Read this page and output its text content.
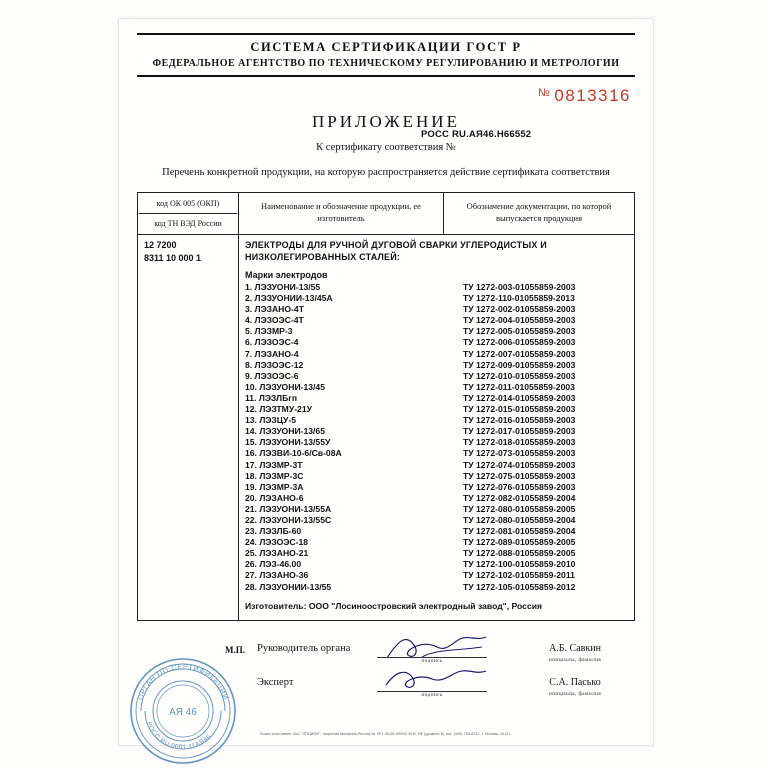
СИСТЕМА СЕРТИФИКАЦИИ ГОСТ Р
ФЕДЕРАЛЬНОЕ АГЕНТСТВО ПО ТЕХНИЧЕСКОМУ РЕГУЛИРОВАНИЮ И МЕТРОЛОГИИ
№ 0813316
ПРИЛОЖЕНИЕ
К сертификату соответствия №
РОСС RU.АЯ46.Н66552
Перечень конкретной продукции, на которую распространяется действие сертификата соответствия
код ОК 005 (ОКП)
код ТН ВЭД России	Наименование и обозначение продукции, ее изготовитель	Обозначение документации, по которой выпускается продукция

12 7200
8311 10 000 1

ЭЛЕКТРОДЫ ДЛЯ РУЧНОЙ ДУГОВОЙ СВАРКИ УГЛЕРОДИСТЫХ И НИЗКОЛЕГИРОВАННЫХ СТАЛЕЙ:
Марки электродов
1. ЛЭЗУОНИ-13/55	ТУ 1272-003-01055859-2003
2. ЛЭЗУОНИИ-13/45А	ТУ 1272-110-01055859-2013
3. ЛЭЗАНО-4Т	ТУ 1272-002-01055859-2003
4. ЛЭЗОЭС-4Т	ТУ 1272-004-01055859-2003
5. ЛЭЗМР-3	ТУ 1272-005-01055859-2003
6. ЛЭЗОЭС-4	ТУ 1272-006-01055859-2003
7. ЛЭЗАНО-4	ТУ 1272-007-01055859-2003
8. ЛЭЗОЭС-12	ТУ 1272-009-01055859-2003
9. ЛЭЗОЭС-6	ТУ 1272-010-01055859-2003
10. ЛЭЗУОНИ-13/45	ТУ 1272-011-01055859-2003
11. ЛЭЗЛБгп	ТУ 1272-014-01055859-2003
12. ЛЭЗТМУ-21У	ТУ 1272-015-01055859-2003
13. ЛЭЗЦУ-5	ТУ 1272-016-01055859-2003
14. ЛЭЗУОНИ-13/65	ТУ 1272-017-01055859-2003
15. ЛЭЗУОНИ-13/55У	ТУ 1272-018-01055859-2003
16. ЛЭЗВИ-10-6/Св-08А	ТУ 1272-073-01055859-2003
17. ЛЭЗМР-3Т	ТУ 1272-074-01055859-2003
18. ЛЭЗМР-3С	ТУ 1272-075-01055859-2003
19. ЛЭЗМР-3А	ТУ 1272-076-01055859-2003
20. ЛЭЗАНО-6	ТУ 1272-082-01055859-2004
21. ЛЭЗУОНИ-13/55А	ТУ 1272-080-01055859-2005
22. ЛЭЗУОНИ-13/55С	ТУ 1272-080-01055859-2004
23. ЛЭЗЛБ-60	ТУ 1272-081-01055859-2004
24. ЛЭЗОЭС-18	ТУ 1272-089-01055859-2005
25. ЛЭЗАНО-21	ТУ 1272-088-01055859-2005
26. ЛЭЗ-46.00	ТУ 1272-100-01055859-2010
27. ЛЭЗАНО-36	ТУ 1272-102-01055859-2011
28. ЛЭЗУОНИИ-13/55	ТУ 1272-105-01055859-2012
Изготовитель: ООО "Лосиноостровский электродный завод", Россия
М.П. Руководитель органа
подпись
А.Б. Савкин
инициалы, фамилия
Эксперт
подпись
С.А. Пасько
инициалы, фамилия
ОРГАН ПО СЕРТИФИКАЦИИ
РОСС RU.0001.11АЯ46
АЯ 46
Бланк изготовлен ЗАО "ОПЦИОН", лицензия Минфина России № ЛР1 05-05-09/003 ФНС РФ (уровень В) тел. (495) 755-6742, г. Москва, 2013 г.
